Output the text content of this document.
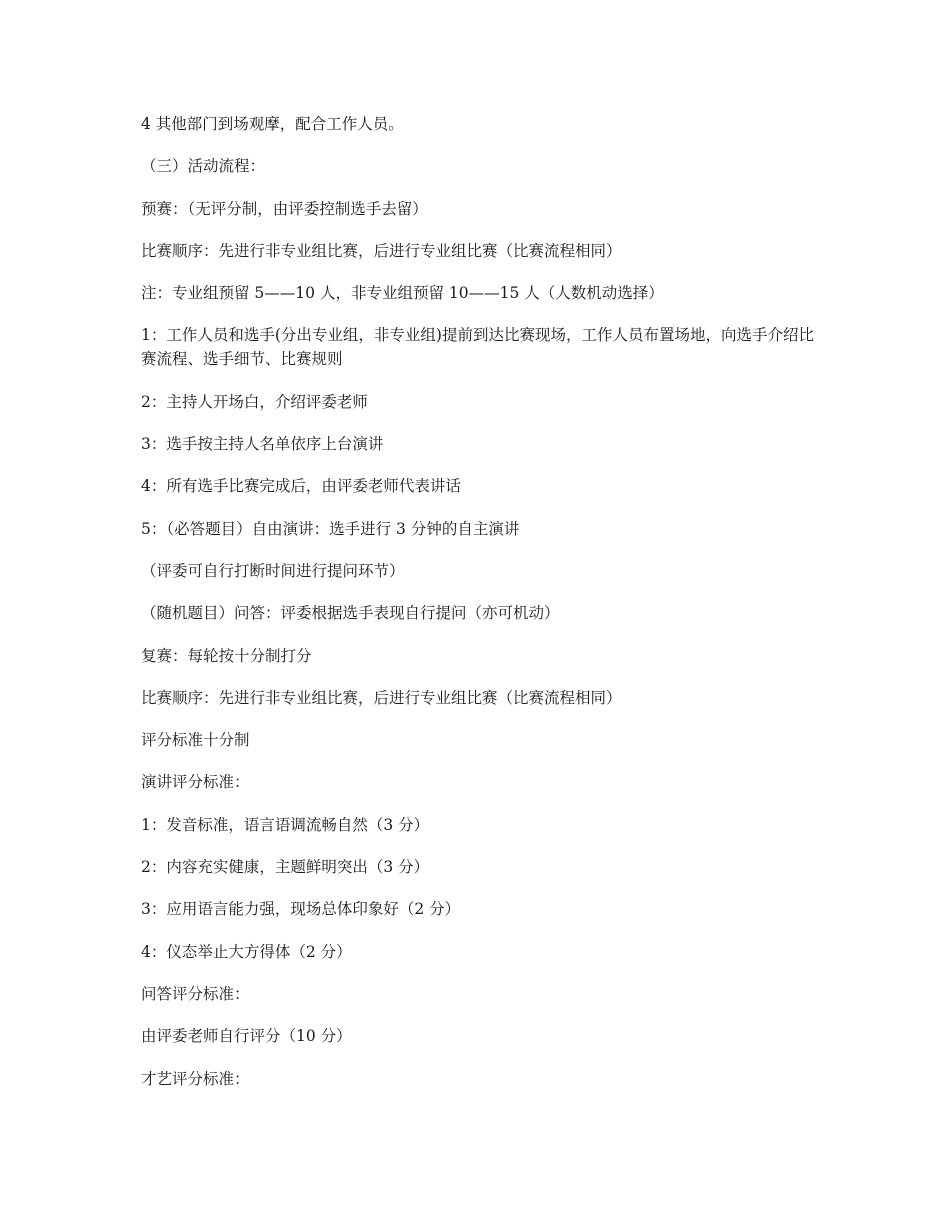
4 其他部门到场观摩，配合工作人员。

（三）活动流程：

预赛：（无评分制，由评委控制选手去留）

比赛顺序：先进行非专业组比赛，后进行专业组比赛（比赛流程相同）

注：专业组预留 5——10 人，非专业组预留 10——15 人（人数机动选择）

1：工作人员和选手(分出专业组，非专业组)提前到达比赛现场，工作人员布置场地，向选手介绍比赛流程、选手细节、比赛规则

2：主持人开场白，介绍评委老师

3：选手按主持人名单依序上台演讲

4：所有选手比赛完成后，由评委老师代表讲话

5：（必答题目）自由演讲：选手进行 3 分钟的自主演讲

（评委可自行打断时间进行提问环节）

（随机题目）问答：评委根据选手表现自行提问（亦可机动）

复赛：每轮按十分制打分

比赛顺序：先进行非专业组比赛，后进行专业组比赛（比赛流程相同）

评分标准十分制

演讲评分标准：

1：发音标准，语言语调流畅自然（3 分）

2：内容充实健康，主题鲜明突出（3 分）

3：应用语言能力强，现场总体印象好（2 分）

4：仪态举止大方得体（2 分）

问答评分标准：

由评委老师自行评分（10 分）

才艺评分标准：
